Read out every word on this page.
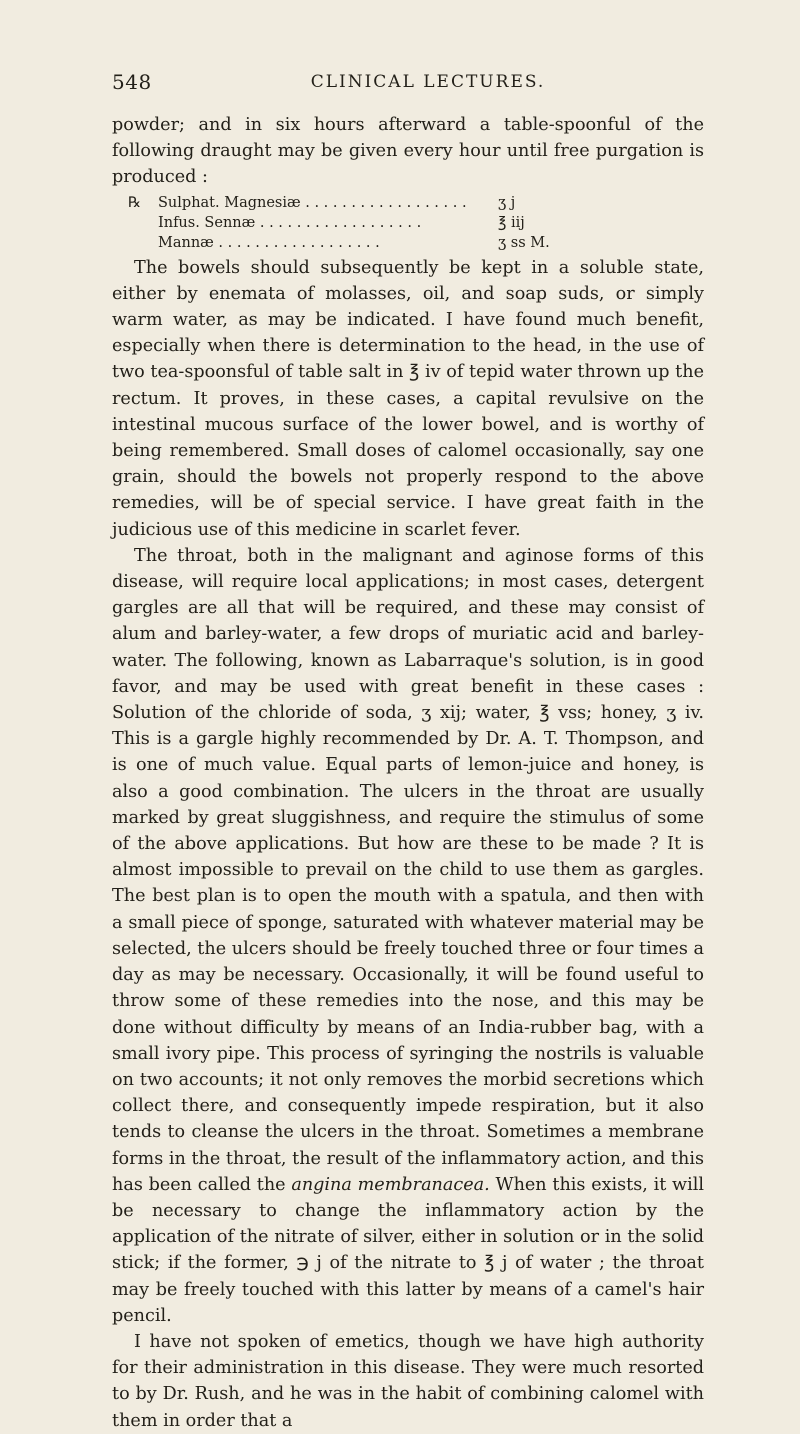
548	CLINICAL LECTURES.

powder; and in six hours afterward a table-spoonful of the following draught may be given every hour until free purgation is produced :

℞	Sulphat. Magnesiæ . . .	ʒ j
Infus. Sennæ . . .	℥ iij
Mannæ . . .	ʒ ss M.

The bowels should subsequently be kept in a soluble state, either by enemata of molasses, oil, and soap suds, or simply warm water, as may be indicated. I have found much benefit, especially when there is determination to the head, in the use of two tea-spoonsful of table salt in ℥ iv of tepid water thrown up the rectum. It proves, in these cases, a capital revulsive on the intestinal mucous surface of the lower bowel, and is worthy of being remembered. Small doses of calomel occasionally, say one grain, should the bowels not properly respond to the above remedies, will be of special service. I have great faith in the judicious use of this medicine in scarlet fever.

The throat, both in the malignant and aginose forms of this disease, will require local applications; in most cases, detergent gargles are all that will be required, and these may consist of alum and barley-water, a few drops of muriatic acid and barley-water. The following, known as Labarraque's solution, is in good favor, and may be used with great benefit in these cases : Solution of the chloride of soda, ʒ xij; water, ℥ vss; honey, ʒ iv. This is a gargle highly recommended by Dr. A. T. Thompson, and is one of much value. Equal parts of lemon-juice and honey, is also a good combination. The ulcers in the throat are usually marked by great sluggishness, and require the stimulus of some of the above applications. But how are these to be made ? It is almost impossible to prevail on the child to use them as gargles. The best plan is to open the mouth with a spatula, and then with a small piece of sponge, saturated with whatever material may be selected, the ulcers should be freely touched three or four times a day as may be necessary. Occasionally, it will be found useful to throw some of these remedies into the nose, and this may be done without difficulty by means of an India-rubber bag, with a small ivory pipe. This process of syringing the nostrils is valuable on two accounts; it not only removes the morbid secretions which collect there, and consequently impede respiration, but it also tends to cleanse the ulcers in the throat. Sometimes a membrane forms in the throat, the result of the inflammatory action, and this has been called the angina membranacea. When this exists, it will be necessary to change the inflammatory action by the application of the nitrate of silver, either in solution or in the solid stick; if the former, ℈ j of the nitrate to ℥ j of water ; the throat may be freely touched with this latter by means of a camel's hair pencil.

I have not spoken of emetics, though we have high authority for their administration in this disease. They were much resorted to by Dr. Rush, and he was in the habit of combining calomel with them in order that a
